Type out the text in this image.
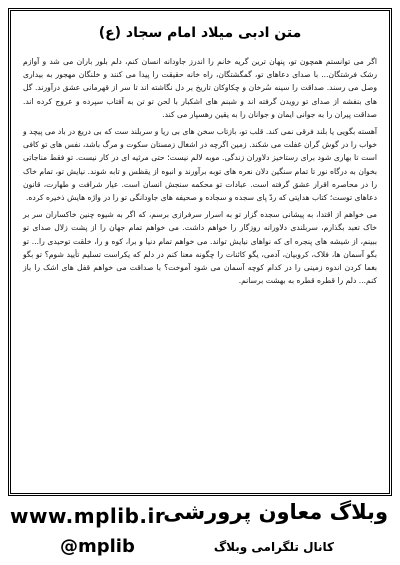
متن ادبی میلاد امام سجاد (ع)

اگر می توانستم همچون تو، پنهان ترین گریه خانم را اندرز جاودانه انسان کنم، دلم بلور باران می شد و آوازم رشک فرشتگان... با صدای دعاهای تو، گمگشتگان، راه خانه حقیقت را پیدا می کنند و خلنگان مهجور به بیداری وصل می رسند. صداقت را سینه سُرخان و چکاوکان تاریخ بر دل نگاشته اند تا سر از قهرمانی عشق درآورند. گل های بنفشه از صدای تو رویدن گرفته اند و شبنم های اشکبار با لحن تو تن به آفتاب سپرده و عروج کرده اند. صداقت پیران را به جوانی ایمان و جوانان را به یقین رهسپار می کند.

آهسته بگویی یا بلند فرقی نمی کند. قلب تو، بازتاب سخن های بی ریا و سربلند ست که بی دریغ در باد می پیچد و خواب را در گوش گران غفلت می شکند. زمین اگرچه در اشغال زمستان سکوت و مرگ باشد، نفس های تو کافی است تا بهاری شود برای رستاخیز دلاوران زندگی. موبه لالم نیست؛ حتی مرثیه ای در کار نیست. تو فقط مناجاتی بخوان به درگاه نور تا تمام سنگین دلان نعره های توبه برآورند و انبوه از یقظس و تابه شوند. نیایش تو، تمام خاک را در محاصره اقرار عشق گرفته است. عبادات تو محکمه سنجش انسان است. عیار شرافت و طهارت، قانون دعاهای توست؛ کتاب هدایتی که ردّ پای سجده و سجاده و صحیفه های جاودانگی تو را در واژه هایش ذخیره کرده.

می خواهم از اقتدا، به پیشانی سجده گزار تو به اسرار سرفرازی برسم، که اگر به شیوه چنین خاکساران سر بر خاک تعبد بگذارم، سربلندی دلاورانه روزگار را خواهم داشت. می خواهم تمام جهان را از پشت زلال صدای تو ببینم، از شیشه های پنجره ای که نواهای نیایش تواند. می خواهم تمام دنیا و برا، کوه و را، خلقت توحیدی را... تو بگو آسمان ها، فلاک، کروبیان، آدمی، یگو کائنات را چگونه معنا کنم در دلم که یکراست تسلیم تأیید شوم؟ تو بگو بغما کردن اندوه زمینی را در کدام کوچه آسمان می شود آموخت؟ با صداقت می خواهم قفل های اشک را باز کنم... دلم را قطره قطره به بهشت برسانم.

وبلاگ معاون پرورشی
www.mplib.ir
کانال تلگرامی وبلاگ
@mplib
